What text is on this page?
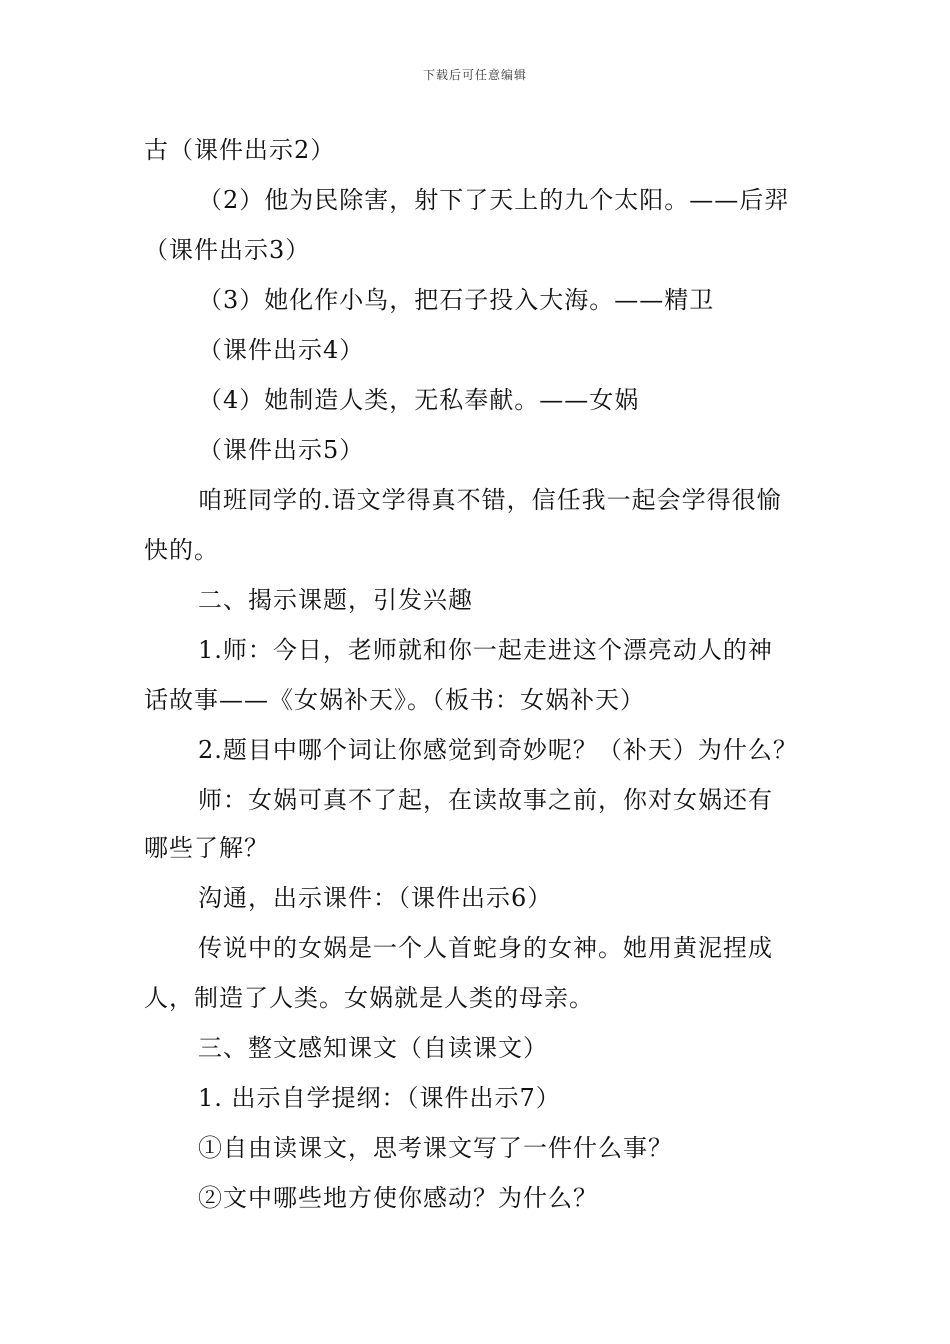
下载后可任意编辑
古（课件出示2）
（2）他为民除害，射下了天上的九个太阳。——后羿
（课件出示3）
（3）她化作小鸟，把石子投入大海。——精卫
（课件出示4）
（4）她制造人类，无私奉献。——女娲
（课件出示5）
咱班同学的.语文学得真不错，信任我一起会学得很愉
快的。
二、揭示课题，引发兴趣
1.师：今日，老师就和你一起走进这个漂亮动人的神
话故事——《女娲补天》。（板书：女娲补天）
2.题目中哪个词让你感觉到奇妙呢？（补天）为什么？
师：女娲可真不了起，在读故事之前，你对女娲还有
哪些了解？
沟通，出示课件：（课件出示6）
传说中的女娲是一个人首蛇身的女神。她用黄泥捏成
人，制造了人类。女娲就是人类的母亲。
三、整文感知课文（自读课文）
1. 出示自学提纲：（课件出示7）
①自由读课文，思考课文写了一件什么事？
②文中哪些地方使你感动？为什么？
